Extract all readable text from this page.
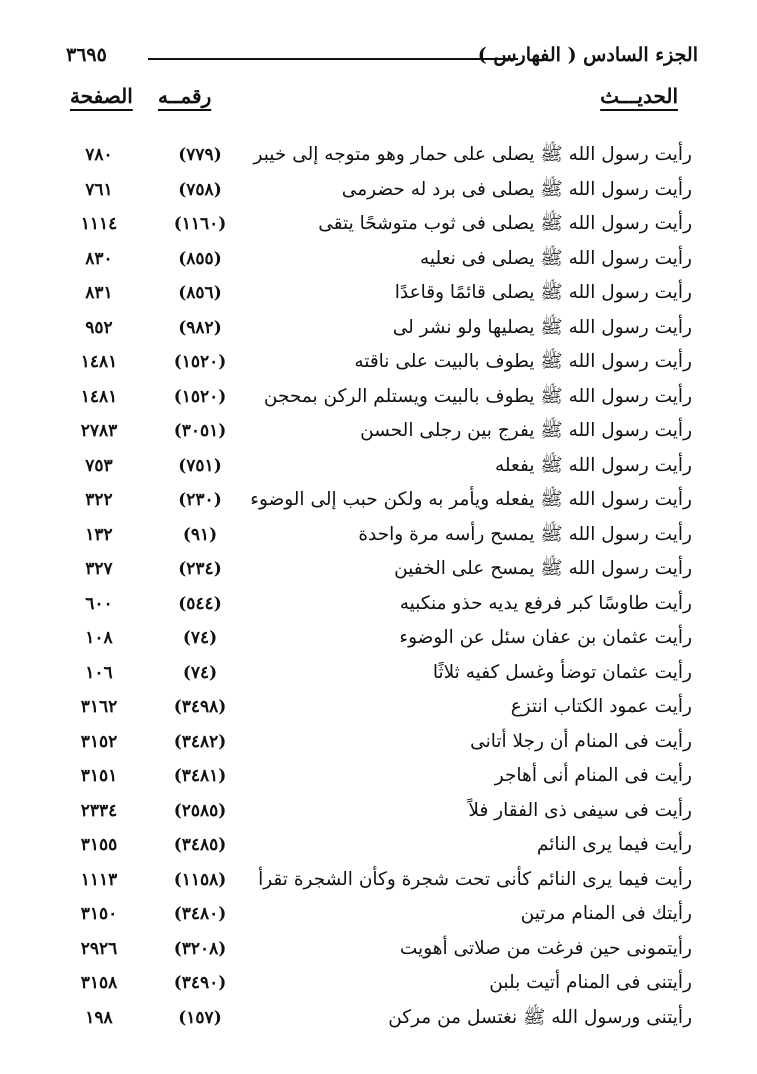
الجزء السادس ( الفهارس )
٣٦٩٥
الحديـــث
رقمــه
الصفحة
رأيت رسول الله ﷺ يصلى على حمار وهو متوجه إلى خيبر
(٧٧٩)
٧٨٠
رأيت رسول الله ﷺ يصلى فى برد له حضرمى
(٧٥٨)
٧٦١
رأيت رسول الله ﷺ يصلى فى ثوب متوشحًا يتقى
(١١٦٠)
١١١٤
رأيت رسول الله ﷺ يصلى فى نعليه
(٨٥٥)
٨٣٠
رأيت رسول الله ﷺ يصلى قائمًا وقاعدًا
(٨٥٦)
٨٣١
رأيت رسول الله ﷺ يصليها ولو نشر لى
(٩٨٢)
٩٥٢
رأيت رسول الله ﷺ يطوف بالبيت على ناقته
(١٥٢٠)
١٤٨١
رأيت رسول الله ﷺ يطوف بالبيت ويستلم الركن بمحجن
(١٥٢٠)
١٤٨١
رأيت رسول الله ﷺ يفرج بين رجلى الحسن
(٣٠٥١)
٢٧٨٣
رأيت رسول الله ﷺ يفعله
(٧٥١)
٧٥٣
رأيت رسول الله ﷺ يفعله ويأمر به ولكن حبب إلى الوضوء
(٢٣٠)
٣٢٢
رأيت رسول الله ﷺ يمسح رأسه مرة واحدة
(٩١)
١٣٢
رأيت رسول الله ﷺ يمسح على الخفين
(٢٣٤)
٣٢٧
رأيت طاوسًا كبر فرفع يديه حذو منكبيه
(٥٤٤)
٦٠٠
رأيت عثمان بن عفان سئل عن الوضوء
(٧٤)
١٠٨
رأيت عثمان توضأ وغسل كفيه ثلاثًا
(٧٤)
١٠٦
رأيت عمود الكتاب انتزع
(٣٤٩٨)
٣١٦٢
رأيت فى المنام أن رجلا أتانى
(٣٤٨٢)
٣١٥٢
رأيت فى المنام أنى أهاجر
(٣٤٨١)
٣١٥١
رأيت فى سيفى ذى الفقار فلاً
(٢٥٨٥)
٢٣٣٤
رأيت فيما يرى النائم
(٣٤٨٥)
٣١٥٥
رأيت فيما يرى النائم كأنى تحت شجرة وكأن الشجرة تقرأ
(١١٥٨)
١١١٣
رأيتك فى المنام مرتين
(٣٤٨٠)
٣١٥٠
رأيتمونى حين فرغت من صلاتى أهويت
(٣٢٠٨)
٢٩٢٦
رأيتنى فى المنام أتيت بلبن
(٣٤٩٠)
٣١٥٨
رأيتنى ورسول الله ﷺ نغتسل من مركن
(١٥٧)
١٩٨
